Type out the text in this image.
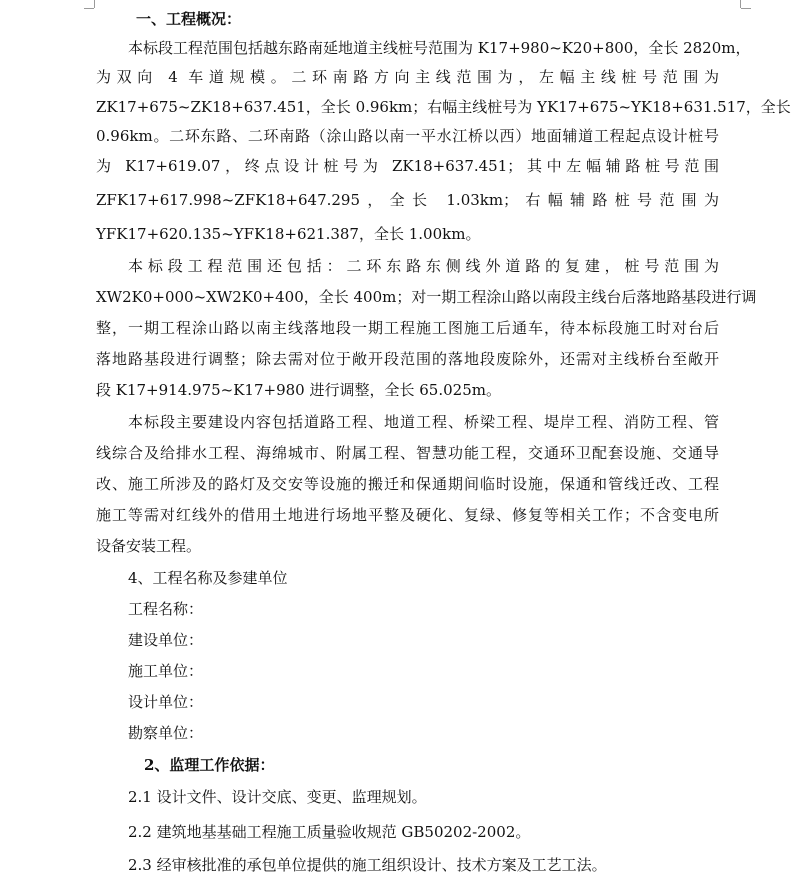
一、工程概况：
本标段工程范围包括越东路南延地道主线桩号范围为 K17+980~K20+800，全长 2820m，
为双向 4 车道规模。二环南路方向主线范围为，左幅主线桩号范围为
ZK17+675~ZK18+637.451，全长 0.96km；右幅主线桩号为 YK17+675~YK18+631.517，全长
0.96km。二环东路、二环南路（涂山路以南一平水江桥以西）地面辅道工程起点设计桩号
为 K17+619.07，终点设计桩号为 ZK18+637.451；其中左幅辅路桩号范围
ZFK17+617.998~ZFK18+647.295，全长 1.03km；右幅辅路桩号范围为
YFK17+620.135~YFK18+621.387，全长 1.00km。
本标段工程范围还包括：二环东路东侧线外道路的复建，桩号范围为
XW2K0+000~XW2K0+400，全长 400m；对一期工程涂山路以南段主线台后落地路基段进行调
整，一期工程涂山路以南主线落地段一期工程施工图施工后通车，待本标段施工时对台后
落地路基段进行调整；除去需对位于敞开段范围的落地段废除外，还需对主线桥台至敞开
段 K17+914.975~K17+980 进行调整，全长 65.025m。
本标段主要建设内容包括道路工程、地道工程、桥梁工程、堤岸工程、消防工程、管
线综合及给排水工程、海绵城市、附属工程、智慧功能工程，交通环卫配套设施、交通导
改、施工所涉及的路灯及交安等设施的搬迁和保通期间临时设施，保通和管线迁改、工程
施工等需对红线外的借用土地进行场地平整及硬化、复绿、修复等相关工作；不含变电所
设备安装工程。
4、工程名称及参建单位
工程名称：
建设单位：
施工单位：
设计单位：
勘察单位：
2、监理工作依据：
2.1 设计文件、设计交底、变更、监理规划。
2.2 建筑地基基础工程施工质量验收规范 GB50202-2002。
2.3 经审核批准的承包单位提供的施工组织设计、技术方案及工艺工法。
